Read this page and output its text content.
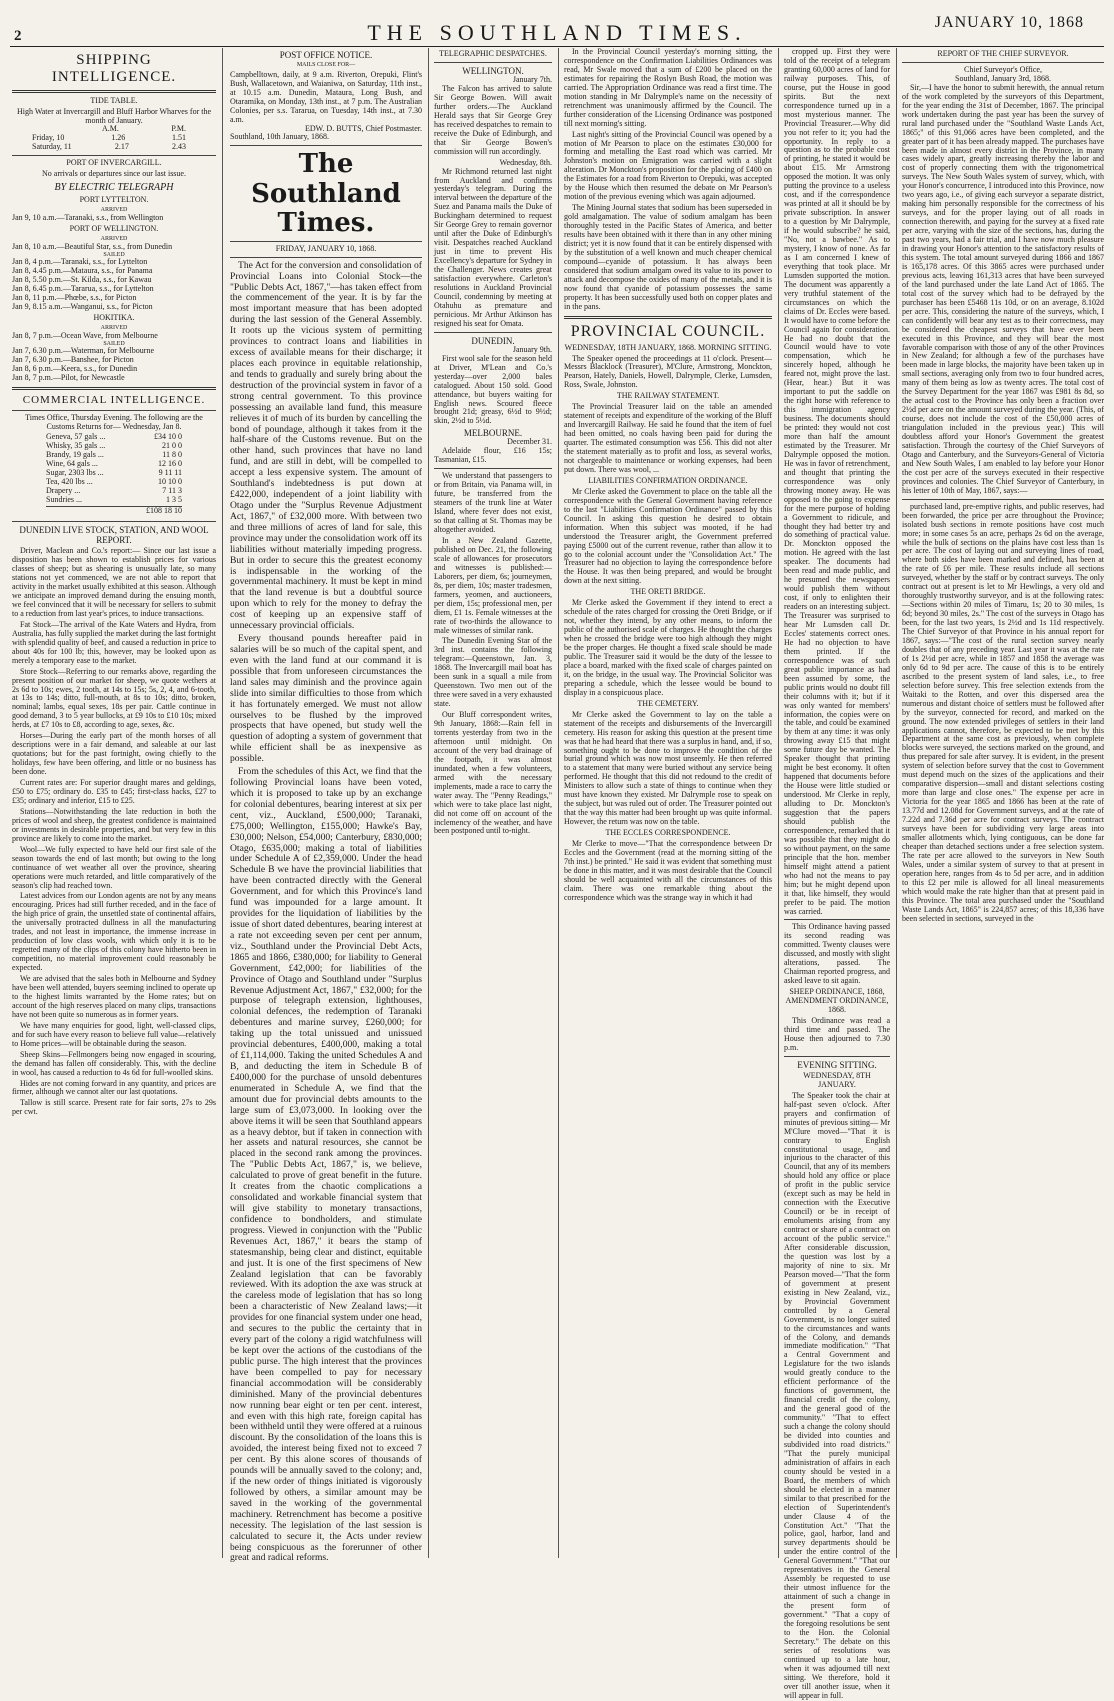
2	THE SOUTHLAND TIMES.	JANUARY 10, 1868
SHIPPING INTELLIGENCE.
TIDE TABLE.
High Water at Invercargill and Bluff Harbor Wharves for the month of January.
A.M.	P.M.
Friday, 10	1.26	1.51
Saturday, 11	2.17	2.43
PORT OF INVERCARGILL.
No arrivals or departures since our last issue.
BY ELECTRIC TELEGRAPH
PORT LYTTELTON.
ARRIVED
Jan 9, 10 a.m.—Taranaki, s.s., from Wellington
PORT OF WELLINGTON.
ARRIVED
Jan 8, 10 a.m.—Beautiful Star, s.s., from Dunedin
SAILED
Jan 8, 4 p.m.—Taranaki, s.s., for Lyttelton
Jan 8, 4.45 p.m.—Mataura, s.s., for Panama
Jan 8, 5.50 p.m.—St. Kilda, s.s., for Kawau
Jan 8, 6.45 p.m.—Tararua, s.s., for Lyttelton
Jan 8, 11 p.m.—Phœbe, s.s., for Picton
Jan 9, 8.15 a.m.—Wanganui, s.s., for Picton
HOKITIKA.
ARRIVED
Jan 8, 7 p.m.—Ocean Wave, from Melbourne
SAILED
Jan 7, 6.30 p.m.—Waterman, for Melbourne
Jan 7, 6.30 p.m.—Banshee, for Picton
Jan 8, 6 p.m.—Keera, s.s., for Dunedin
Jan 8, 7 p.m.—Pilot, for Newcastle
COMMERCIAL INTELLIGENCE.
Times Office, Thursday Evening. The following are the Customs Returns for— Wednesday, Jan 8.
Geneva, 57 gals ...	£34 10 0
Whisky, 35 gals ...	21 0 0
Brandy, 19 gals ...	11 8 0
Wine, 64 gals ...	12 16 0
Sugar, 2303 lbs ...	9 11 11
Tea, 420 lbs ...	10 10 0
Drapery ...	7 11 3
Sundries ...	1 3 5
£108 18 10
DUNEDIN LIVE STOCK, STATION, AND WOOL REPORT.

Driver, Maclean and Co.'s report:— Since our last issue a disposition has been shown to establish prices for various classes of sheep; but as shearing is unusually late, so many stations not yet commenced, we are not able to report that activity in the market usually exhibited at this season. Although we anticipate an improved demand during the ensuing month, we feel convinced that it will be necessary for sellers to submit to a reduction from last year's prices, to induce transactions.

Fat Stock—The arrival of the Kate Waters and Hydra, from Australia, has fully supplied the market during the last fortnight with splendid quality of beef, and caused a reduction in price to about 40s for 100 lb; this, however, may be looked upon as merely a temporary ease to the market.

Store Stock—Referring to our remarks above, regarding the present position of our market for sheep, we quote wethers at 2s 6d to 10s; ewes, 2 tooth, at 14s to 15s; 5s, 2, 4, and 6-tooth, at 13s to 14s; ditto, full-mouth, at 8s to 10s; ditto, broken, nominal; lambs, equal sexes, 18s per pair. Cattle continue in good demand, 3 to 5 year bullocks, at £9 10s to £10 10s; mixed herds, at £7 10s to £8, according to age, sexes, &c.

Horses—During the early part of the month horses of all descriptions were in a fair demand, and saleable at our last quotations; but for the past fortnight, owing chiefly to the holidays, few have been offering, and little or no business has been done.

Current rates are: For superior draught mares and geldings, £50 to £75; ordinary do. £35 to £45; first-class hacks, £27 to £35; ordinary and inferior, £15 to £25.

Stations—Notwithstanding the late reduction in both the prices of wool and sheep, the greatest confidence is maintained or investments in desirable properties, and but very few in this province are likely to come into the market.

Wool—We fully expected to have held our first sale of the season towards the end of last month; but owing to the long continuance of wet weather all over the province, shearing operations were much retarded, and little comparatively of the season's clip had reached town.

Latest advices from our London agents are not by any means encouraging. Prices had still further receded, and in the face of the high price of grain, the unsettled state of continental affairs, the universally protracted dullness in all the manufacturing trades, and not least in importance, the immense increase in production of low class wools, with which only it is to be regretted many of the clips of this colony have hitherto been in competition, no material improvement could reasonably be expected.

We are advised that the sales both in Melbourne and Sydney have been well attended, buyers seeming inclined to operate up to the highest limits warranted by the Home rates; but on account of the high reserves placed on many clips, transactions have not been quite so numerous as in former years.

We have many enquiries for good, light, well-classed clips, and for such have every reason to believe full value—relatively to Home prices—will be obtainable during the season.

Sheep Skins—Fellmongers being now engaged in scouring, the demand has fallen off considerably. This, with the decline in wool, has caused a reduction to 4s 6d for full-woolled skins.

Hides are not coming forward in any quantity, and prices are firmer, although we cannot alter our last quotations.

Tallow is still scarce. Present rate for fair sorts, 27s to 29s per cwt.

POST OFFICE NOTICE.
MAILS CLOSE FOR—
Campbelltown, daily, at 9 a.m. Riverton, Orepuki, Flint's Bush, Wallacetown, and Waianiwa, on Saturday, 11th inst., at 10.15 a.m. Dunedin, Mataura, Long Bush, and Otaramika, on Monday, 13th inst., at 7 p.m. The Australian Colonies, per s.s. Tararua, on Tuesday, 14th inst., at 7.30 a.m.
EDW. D. BUTTS, Chief Postmaster.
Southland, 10th January, 1868.
The Southland Times.
FRIDAY, JANUARY 10, 1868.

The Act for the conversion and consolidation of Provincial Loans into Colonial Stock—the "Public Debts Act, 1867,"—has taken effect from the commencement of the year. It is by far the most important measure that has been adopted during the last session of the General Assembly. It roots up the vicious system of permitting provinces to contract loans and liabilities in excess of available means for their discharge; it places each province in equitable relationship, and tends to gradually and surely bring about the destruction of the provincial system in favor of a strong central government. To this province possessing an available land fund, this measure relieves it of much of its burden by cancelling the bond of poundage, although it takes from it the half-share of the Customs revenue. But on the other hand, such provinces that have no land fund, and are still in debt, will be compelled to accept a less expensive system. The amount of Southland's indebtedness is put down at £422,000, independent of a joint liability with Otago under the "Surplus Revenue Adjustment Act, 1867," of £32,000 more. With between two and three millions of acres of land for sale, this province may under the consolidation work off its liabilities without materially impeding progress. But in order to secure this the greatest economy is indispensable in the working of the governmental machinery. It must be kept in mind that the land revenue is but a doubtful source upon which to rely for the money to defray the cost of keeping up an expensive staff of unnecessary provincial officials.

Every thousand pounds hereafter paid in salaries will be so much of the capital spent, and even with the land fund at our command it is possible that from unforeseen circumstances the land sales may diminish and the province again slide into similar difficulties to those from which it has fortunately emerged. We must not allow ourselves to be flushed by the improved prospects that have opened, but study well the question of adopting a system of government that while efficient shall be as inexpensive as possible.

From the schedules of this Act, we find that the following Provincial loans have been voted, which it is proposed to take up by an exchange for colonial debentures, bearing interest at six per cent, viz., Auckland, £500,000; Taranaki, £75,000; Wellington, £155,000; Hawke's Bay, £30,000; Nelson, £54,000; Canterbury, £830,000; Otago, £635,000; making a total of liabilities under Schedule A of £2,359,000. Under the head Schedule B we have the provincial liabilities that have been contracted directly with the General Government, and for which this Province's land fund was impounded for a large amount. It provides for the liquidation of liabilities by the issue of short dated debentures, bearing interest at a rate not exceeding seven per cent per annum, viz., Southland under the Provincial Debt Acts, 1865 and 1866, £380,000; for liability to General Government, £42,000; for liabilities of the Province of Otago and Southland under "Surplus Revenue Adjustment Act, 1867," £32,000; for the purpose of telegraph extension, lighthouses, colonial defences, the redemption of Taranaki debentures and marine survey, £260,000; for taking up the total unissued and unissued provincial debentures, £400,000, making a total of £1,114,000. Taking the united Schedules A and B, and deducting the item in Schedule B of £400,000 for the purchase of unsold debentures enumerated in Schedule A, we find that the amount due for provincial debts amounts to the large sum of £3,073,000. In looking over the above items it will be seen that Southland appears as a heavy debtor, but if taken in connection with her assets and natural resources, she cannot be placed in the second rank among the provinces. The "Public Debts Act, 1867," is, we believe, calculated to prove of great benefit in the future. It creates from the chaotic complications a consolidated and workable financial system that will give stability to monetary transactions, confidence to bondholders, and stimulate progress. Viewed in conjunction with the "Public Revenues Act, 1867," it bears the stamp of statesmanship, being clear and distinct, equitable and just. It is one of the first specimens of New Zealand legislation that can be favorably reviewed. With its adoption the axe was struck at the careless mode of legislation that has so long been a characteristic of New Zealand laws;—it provides for one financial system under one head, and secures to the public the certainty that in every part of the colony a rigid watchfulness will be kept over the actions of the custodians of the public purse. The high interest that the provinces have been compelled to pay for necessary financial accommodation will be considerably diminished. Many of the provincial debentures now running bear eight or ten per cent. interest, and even with this high rate, foreign capital has been withheld until they were offered at a ruinous discount. By the consolidation of the loans this is avoided, the interest being fixed not to exceed 7 per cent. By this alone scores of thousands of pounds will be annually saved to the colony; and, if the new order of things initiated is vigorously followed by others, a similar amount may be saved in the working of the governmental machinery. Retrenchment has become a positive necessity. The legislation of the last session is calculated to secure it, the Acts under review being conspicuous as the forerunner of other great and radical reforms.

TELEGRAPHIC DESPATCHES.
WELLINGTON.
January 7th.

The Falcon has arrived to salute Sir George Bowen. Will await further orders.—The Auckland Herald says that Sir George Grey has received despatches to remain to receive the Duke of Edinburgh, and that Sir George Bowen's commission will run accordingly.

Wednesday, 8th.

Mr Richmond returned last night from Auckland and confirms yesterday's telegram. During the interval between the departure of the Suez and Panama mails the Duke of Buckingham determined to request Sir George Grey to remain governor until after the Duke of Edinburgh's visit. Despatches reached Auckland just in time to prevent His Excellency's departure for Sydney in the Challenger. News creates great satisfaction everywhere. Carleton's resolutions in Auckland Provincial Council, condemning by meeting at Otahuhu as premature and pernicious. Mr Arthur Atkinson has resigned his seat for Omata.

DUNEDIN.
January 9th.

First wool sale for the season held at Driver, M'Lean and Co.'s yesterday—over 2,000 bales catalogued. About 150 sold. Good attendance, but buyers waiting for English news. Scoured fleece brought 21d; greasy, 6½d to 9½d; skin, 2½d to 5½d.

MELBOURNE.
December 31.

Adelaide flour, £16 15s; Tasmanian, £15.

We understand that passengers to or from Britain, via Panama will, in future, be transferred from the steamers of the trunk line at Water Island, where fever does not exist, so that calling at St. Thomas may be altogether avoided.

In a New Zealand Gazette, published on Dec. 21, the following scale of allowances for prosecutors and witnesses is published:—Laborers, per diem, 6s; journeymen, 8s, per diem, 10s; master tradesmen, farmers, yeomen, and auctioneers, per diem, 15s; professional men, per diem, £1 1s. Female witnesses at the rate of two-thirds the allowance to male witnesses of similar rank.

The Dunedin Evening Star of the 3rd inst. contains the following telegram:—Queenstown, Jan. 3, 1868. The Invercargill mail boat has been sunk in a squall a mile from Queenstown. Two men out of the three were saved in a very exhausted state.

Our Bluff correspondent writes, 9th January, 1868:—Rain fell in torrents yesterday from two in the afternoon until midnight. On account of the very bad drainage of the footpath, it was almost inundated, when a few volunteers, armed with the necessary implements, made a race to carry the water away. The "Penny Readings," which were to take place last night, did not come off on account of the inclemency of the weather, and have been postponed until to-night.

In the Provincial Council yesterday's morning sitting, the correspondence on the Confirmation Liabilities Ordinances was read, Mr Swale moved that a sum of £200 be placed on the estimates for repairing the Roslyn Bush Road, the motion was carried. The Appropriation Ordinance was read a first time. The motion standing in Mr Dalrymple's name on the necessity of retrenchment was unanimously affirmed by the Council. The further consideration of the Licensing Ordinance was postponed till next morning's sitting.

Last night's sitting of the Provincial Council was opened by a motion of Mr Pearson to place on the estimates £30,000 for forming and metalling the East road which was carried. Mr Johnston's motion on Emigration was carried with a slight alteration. Dr Monckton's proposition for the placing of £400 on the Estimates for a road from Riverton to Orepuki, was accepted by the House which then resumed the debate on Mr Pearson's motion of the previous evening which was again adjourned.

The Mining Journal states that sodium has been superseded in gold amalgamation. The value of sodium amalgam has been thoroughly tested in the Pacific States of America, and better results have been obtained with it there than in any other mining district; yet it is now found that it can be entirely dispensed with by the substitution of a well known and much cheaper chemical compound—cyanide of potassium. It has always been considered that sodium amalgam owed its value to its power to attack and decompose the oxides of many of the metals, and it is now found that cyanide of potassium possesses the same property. It has been successfully used both on copper plates and in the pans.

PROVINCIAL COUNCIL.
WEDNESDAY, 18TH JANUARY, 1868. MORNING SITTING.

The Speaker opened the proceedings at 11 o'clock. Present—Messrs Blacklock (Treasurer), M'Clure, Armstrong, Monckton, Pearson, Hately, Daniels, Howell, Dalrymple, Clerke, Lumsden, Ross, Swale, Johnston.

THE RAILWAY STATEMENT.

The Provincial Treasurer laid on the table an amended statement of receipts and expenditure of the working of the Bluff and Invercargill Railway. He said he found that the item of fuel had been omitted, no coals having been paid for during the quarter. The estimated consumption was £56. This did not alter the statement materially as to profit and loss, as several works, not chargeable to maintenance or working expenses, had been put down. There was wool, ...

LIABILITIES CONFIRMATION ORDINANCE.

Mr Clerke asked the Government to place on the table all the correspondence with the General Government having reference to the last "Liabilities Confirmation Ordinance" passed by this Council. In asking this question he desired to obtain information. When this subject was mooted, if he had understood the Treasurer aright, the Government preferred paying £5000 out of the current revenue, rather than allow it to go to the colonial account under the "Consolidation Act." The Treasurer had no objection to laying the correspondence before the House. It was then being prepared, and would be brought down at the next sitting.

THE ORETI BRIDGE.

Mr Clerke asked the Government if they intend to erect a schedule of the rates charged for crossing the Oreti Bridge, or if not, whether they intend, by any other means, to inform the public of the authorised scale of charges. He thought the charges when he crossed the bridge were too high although they might be the proper charges. He thought a fixed scale should be made public. The Treasurer said it would be the duty of the lessee to place a board, marked with the fixed scale of charges painted on it, on the bridge, in the usual way. The Provincial Solicitor was preparing a schedule, which the lessee would be bound to display in a conspicuous place.

THE CEMETERY.

Mr Clerke asked the Government to lay on the table a statement of the receipts and disbursements of the Invercargill cemetery. His reason for asking this question at the present time was that he had heard that there was a surplus in hand, and, if so, something ought to be done to improve the condition of the burial ground which was now most unseemly. He then referred to a statement that many were buried without any service being performed. He thought that this did not redound to the credit of Ministers to allow such a state of things to continue when they must have known they existed. Mr Dalrymple rose to speak on the subject, but was ruled out of order. The Treasurer pointed out that the way this matter had been brought up was quite informal. However, the return was now on the table.

THE ECCLES CORRESPONDENCE.

Mr Clerke to move—"That the correspondence between Dr Eccles and the Government (read at the morning sitting of the 7th inst.) be printed." He said it was evident that something must be done in this matter, and it was most desirable that the Council should be well acquainted with all the circumstances of this claim. There was one remarkable thing about the correspondence which was the strange way in which it had

cropped up. First they were told of the receipt of a telegram granting 60,000 acres of land for railway purposes. This, of course, put the House in good spirits. But the next correspondence turned up in a most mysterious manner. The Provincial Treasurer.—Why did you not refer to it; you had the opportunity. In reply to a question as to the probable cost of printing, he stated it would be about £15. Mr Armstrong opposed the motion. It was only putting the province to a useless cost, and if the correspondence was printed at all it should be by private subscription. In answer to a question by Mr Dalrymple, if he would subscribe? he said, "No, not a bawbee." As to mystery, I know of none. As far as I am concerned I knew of everything that took place. Mr Lumsden supported the motion. The document was apparently a very truthful statement of the circumstances on which the claims of Dr. Eccles were based. It would have to come before the Council again for consideration. He had no doubt that the Council would have to vote compensation, which he sincerely hoped, although he feared not, might prove the last. (Hear, hear.) But it was important to put the saddle on the right horse with reference to this immigration agency business. The documents should be printed: they would not cost more than half the amount estimated by the Treasurer. Mr Dalrymple opposed the motion. He was in favor of retrenchment, and thought that printing the correspondence was only throwing money away. He was opposed to the going to expense for the mere purpose of holding a Government to ridicule, and thought they had better try and do something of practical value. Dr. Monckton opposed the motion. He agreed with the last speaker. The documents had been read and made public, and he presumed the newspapers would publish them without cost, if only to enlighten their readers on an interesting subject. The Treasurer was surprised to hear Mr Lumsden call Dr. Eccles' statements correct ones. He had no objection to have them printed. If the correspondence was of such great public importance as had been assumed by some, the public prints would no doubt fill their columns with it; but if it was only wanted for members' information, the copies were on the table, and could be examined by them at any time: it was only throwing away £15 that might some future day be wanted. The Speaker thought that printing might be best economy. It often happened that documents before the House were little studied or understood. Mr Clerke in reply, alluding to Dr. Monckton's suggestion that the papers should publish the correspondence, remarked that it was possible that they might do so without payment, on the same principle that the hon. member himself might attend a patient who had not the means to pay him; but he might depend upon it that, like himself, they would prefer to be paid. The motion was carried.

This Ordinance having passed its second reading was committed. Twenty clauses were discussed, and mostly with slight alterations, passed. The Chairman reported progress, and asked leave to sit again.

SHEEP ORDINANCE, 1868, AMENDMENT ORDINANCE, 1868.

This Ordinance was read a third time and passed. The House then adjourned to 7.30 p.m.

EVENING SITTING.
WEDNESDAY, 8TH JANUARY.

The Speaker took the chair at half-past seven o'clock. After prayers and confirmation of minutes of previous sitting— Mr M'Clure moved—"That it is contrary to English constitutional usage, and injurious to the character of this Council, that any of its members should hold any office or place of profit in the public service (except such as may be held in connection with the Executive Council) or be in receipt of emoluments arising from any contract or share of a contract on account of the public service." After considerable discussion, the question was lost by a majority of nine to six. Mr Pearson moved—"That the form of government at present existing in New Zealand, viz., by Provincial Government controlled by a General Government, is no longer suited to the circumstances and wants of the Colony, and demands immediate modification." "That a Central Government and Legislature for the two islands would greatly conduce to the efficient performance of the functions of government, the financial credit of the colony, and the general good of the community." "That to effect such a change the colony should be divided into counties and subdivided into road districts." "That the purely municipal administration of affairs in each county should be vested in a Board, the members of which should be elected in a manner similar to that prescribed for the election of Superintendent's under Clause 4 of the Constitution Act." "That the police, gaol, harbor, land and survey departments should be under the entire control of the General Government." "That our representatives in the General Assembly be requested to use their utmost influence for the attainment of such a change in the present form of government." "That a copy of the foregoing resolutions be sent to the Hon. the Colonial Secretary." The debate on this series of resolutions was continued up to a late hour, when it was adjourned till next sitting. We therefore, hold it over till another issue, when it will appear in full.

REPORT OF THE CHIEF SURVEYOR.
Chief Surveyor's Office,
Southland, January 3rd, 1868.

Sir,—I have the honor to submit herewith, the annual return of the work completed by the surveyors of this Department, for the year ending the 31st of December, 1867. The principal work undertaken during the past year has been the survey of rural land purchased under the "Southland Waste Lands Act, 1865;" of this 91,066 acres have been completed, and the greater part of it has been already mapped. The purchases have been made in almost every district in the Province, in many cases widely apart, greatly increasing thereby the labor and cost of properly connecting them with the trigonometrical surveys. The New South Wales system of survey, which, with your Honor's concurrence, I introduced into this Province, now two years ago, i.e., of giving each surveyor a separate district, making him personally responsible for the correctness of his surveys, and for the proper laying out of all roads in connection therewith, and paying for the survey at a fixed rate per acre, varying with the size of the sections, has, during the past two years, had a fair trial, and I have now much pleasure in drawing your Honor's attention to the satisfactory results of this system. The total amount surveyed during 1866 and 1867 is 165,178 acres. Of this 3865 acres were purchased under previous acts, leaving 161,313 acres that have been surveyed of the land purchased under the late Land Act of 1865. The total cost of the survey which had to be defrayed by the purchaser has been £5468 11s 10d, or on an average, 8.102d per acre. This, considering the nature of the surveys, which, I can confidently will bear any test as to their correctness, may be considered the cheapest surveys that have ever been executed in this Province, and they will bear the most favorable comparison with those of any of the other Provinces in New Zealand; for although a few of the purchases have been made in large blocks, the majority have been taken up in small sections, averaging only from two to four hundred acres, many of them being as low as twenty acres. The total cost of the Survey Department for the year 1867 was £981 8s 8d, so the actual cost to the Province has only been a fraction over 2½d per acre on the amount surveyed during the year. (This, of course, does not include the cost of the £50,000 acres of triangulation included in the previous year.) This will doubtless afford your Honor's Government the greatest satisfaction. Through the courtesy of the Chief Surveyors of Otago and Canterbury, and the Surveyors-General of Victoria and New South Wales, I am enabled to lay before your Honor the cost per acre of the surveys executed in their respective provinces and colonies. The Chief Surveyor of Canterbury, in his letter of 10th of May, 1867, says:—

purchased land, pre-emptive rights, and public reserves, had been forwarded, the price per acre throughout the Province; isolated bush sections in remote positions have cost much more; in some cases 5s an acre, perhaps 2s 6d on the average, while the bulk of sections on the plains have cost less than 1s per acre. The cost of laying out and surveying lines of road, where both sides have been marked and defined, has been at the rate of £6 per mile. These results include all sections surveyed, whether by the staff or by contract surveys. The only contract out at present is let to Mr Hewlings, a very old and thoroughly trustworthy surveyor, and is at the following rates:—Sections within 20 miles of Timaru, 1s; 20 to 30 miles, 1s 6d; beyond 30 miles, 2s." The cost of the surveys in Otago has been, for the last two years, 1s 2½d and 1s 11d respectively. The Chief Surveyor of that Province in his annual report for 1867, says:—"The cost of the rural section survey nearly doubles that of any preceding year. Last year it was at the rate of 1s 2½d per acre, while in 1857 and 1858 the average was only 6d to 9d per acre. The cause of this is to be entirely ascribed to the present system of land sales, i.e., to free selection before survey. This free selection extends from the Waitaki to the Rotten, and over this dispersed area the numerous and distant choice of settlers must be followed after by the surveyor, connected for record, and marked on the ground. The now extended privileges of settlers in their land applications cannot, therefore, be expected to be met by this Department at the same cost as previously, when complete blocks were surveyed, the sections marked on the ground, and thus prepared for sale after survey. It is evident, in the present system of selection before survey that the cost to Government must depend much on the sizes of the applications and their comparative dispersion—small and distant selections costing more than large and close ones." The expense per acre in Victoria for the year 1865 and 1866 has been at the rate of 13.77d and 12.08d for Government surveys, and at the rate of 7.22d and 7.36d per acre for contract surveys. The contract surveys have been for subdividing very large areas into smaller allotments which, lying contiguous, can be done far cheaper than detached sections under a free selection system. The rate per acre allowed to the surveyors in New South Wales, under a similar system of survey to that at present in operation here, ranges from 4s to 5d per acre, and in addition to this £2 per mile is allowed for all lineal measurements which would make the rate higher than that at present paid in this Province. The total area purchased under the "Southland Waste Lands Act, 1865" is 224,857 acres; of this 18,336 have been selected in sections, surveyed in the
